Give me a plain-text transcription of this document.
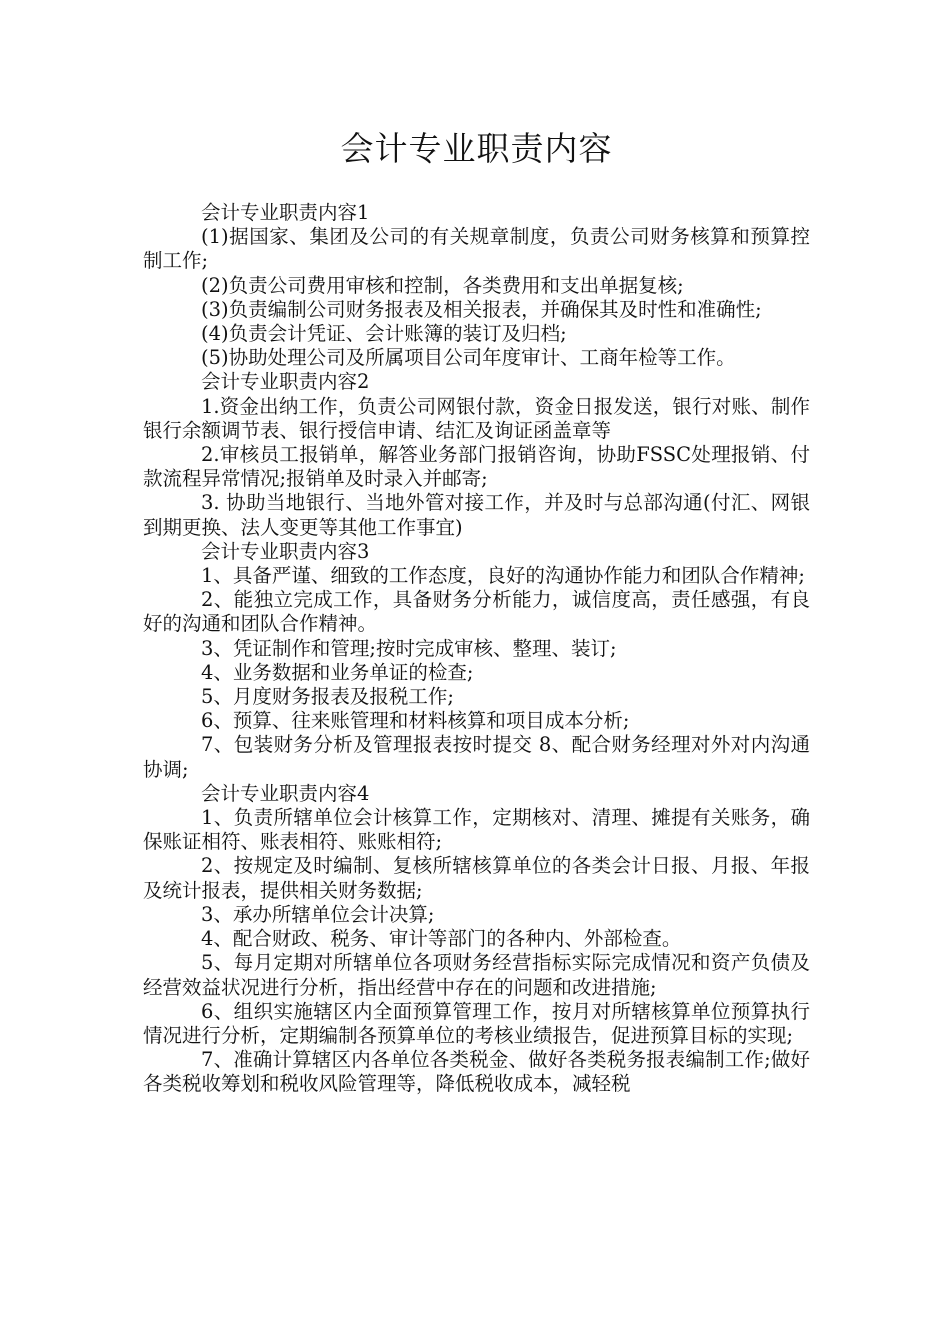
会计专业职责内容

会计专业职责内容1

(1)据国家、集团及公司的有关规章制度，负责公司财务核算和预算控制工作;

(2)负责公司费用审核和控制，各类费用和支出单据复核;

(3)负责编制公司财务报表及相关报表，并确保其及时性和准确性;

(4)负责会计凭证、会计账簿的装订及归档;

(5)协助处理公司及所属项目公司年度审计、工商年检等工作。

会计专业职责内容2

1.资金出纳工作，负责公司网银付款，资金日报发送，银行对账、制作银行余额调节表、银行授信申请、结汇及询证函盖章等

2.审核员工报销单，解答业务部门报销咨询，协助FSSC处理报销、付款流程异常情况;报销单及时录入并邮寄;

3. 协助当地银行、当地外管对接工作，并及时与总部沟通(付汇、网银到期更换、法人变更等其他工作事宜)

会计专业职责内容3

1、具备严谨、细致的工作态度，良好的沟通协作能力和团队合作精神;

2、能独立完成工作，具备财务分析能力，诚信度高，责任感强，有良好的沟通和团队合作精神。

3、凭证制作和管理;按时完成审核、整理、装订;

4、业务数据和业务单证的检查;

5、月度财务报表及报税工作;

6、预算、往来账管理和材料核算和项目成本分析;

7、包装财务分析及管理报表按时提交 8、配合财务经理对外对内沟通协调;

会计专业职责内容4

1、负责所辖单位会计核算工作，定期核对、清理、摊提有关账务，确保账证相符、账表相符、账账相符;

2、按规定及时编制、复核所辖核算单位的各类会计日报、月报、年报及统计报表，提供相关财务数据;

3、承办所辖单位会计决算;

4、配合财政、税务、审计等部门的各种内、外部检查。

5、每月定期对所辖单位各项财务经营指标实际完成情况和资产负债及经营效益状况进行分析，指出经营中存在的问题和改进措施;

6、组织实施辖区内全面预算管理工作，按月对所辖核算单位预算执行情况进行分析，定期编制各预算单位的考核业绩报告，促进预算目标的实现;

7、准确计算辖区内各单位各类税金、做好各类税务报表编制工作;做好各类税收筹划和税收风险管理等，降低税收成本，减轻税
